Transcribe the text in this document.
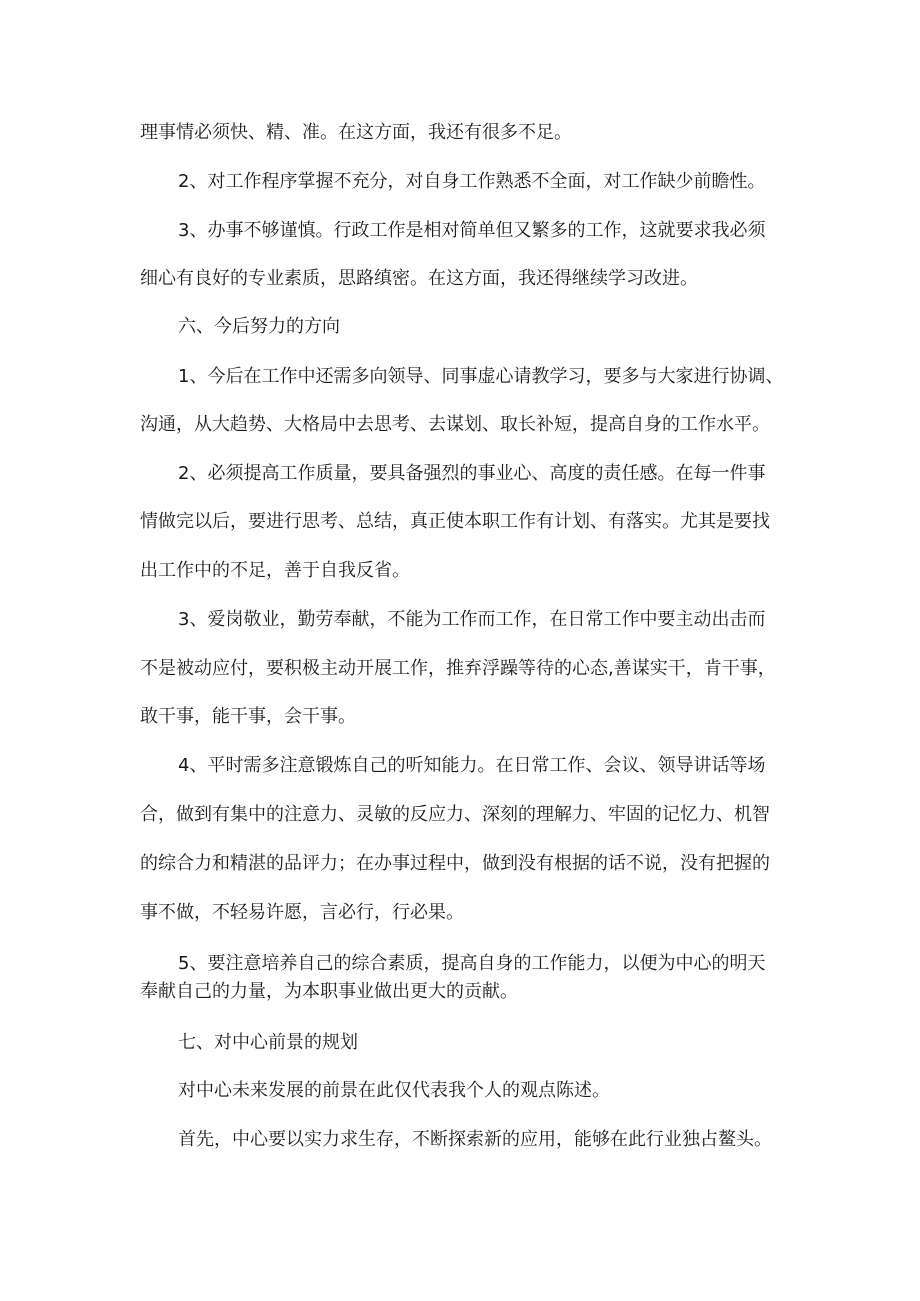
理事情必须快、精、准。在这方面，我还有很多不足。

2、对工作程序掌握不充分，对自身工作熟悉不全面，对工作缺少前瞻性。

3、办事不够谨慎。行政工作是相对简单但又繁多的工作，这就要求我必须

细心有良好的专业素质，思路缜密。在这方面，我还得继续学习改进。

六、今后努力的方向

1、今后在工作中还需多向领导、同事虚心请教学习，要多与大家进行协调、

沟通，从大趋势、大格局中去思考、去谋划、取长补短，提高自身的工作水平。

2、必须提高工作质量，要具备强烈的事业心、高度的责任感。在每一件事

情做完以后，要进行思考、总结，真正使本职工作有计划、有落实。尤其是要找

出工作中的不足，善于自我反省。

3、爱岗敬业，勤劳奉献，不能为工作而工作，在日常工作中要主动出击而

不是被动应付，要积极主动开展工作，推弃浮躁等待的心态,善谋实干，肯干事，

敢干事，能干事，会干事。

4、平时需多注意锻炼自己的听知能力。在日常工作、会议、领导讲话等场

合，做到有集中的注意力、灵敏的反应力、深刻的理解力、牢固的记忆力、机智

的综合力和精湛的品评力；在办事过程中，做到没有根据的话不说，没有把握的

事不做，不轻易许愿，言必行，行必果。

5、要注意培养自己的综合素质，提高自身的工作能力，以便为中心的明天

奉献自己的力量，为本职事业做出更大的贡献。

七、对中心前景的规划

对中心未来发展的前景在此仅代表我个人的观点陈述。

首先，中心要以实力求生存，不断探索新的应用，能够在此行业独占鳌头。
